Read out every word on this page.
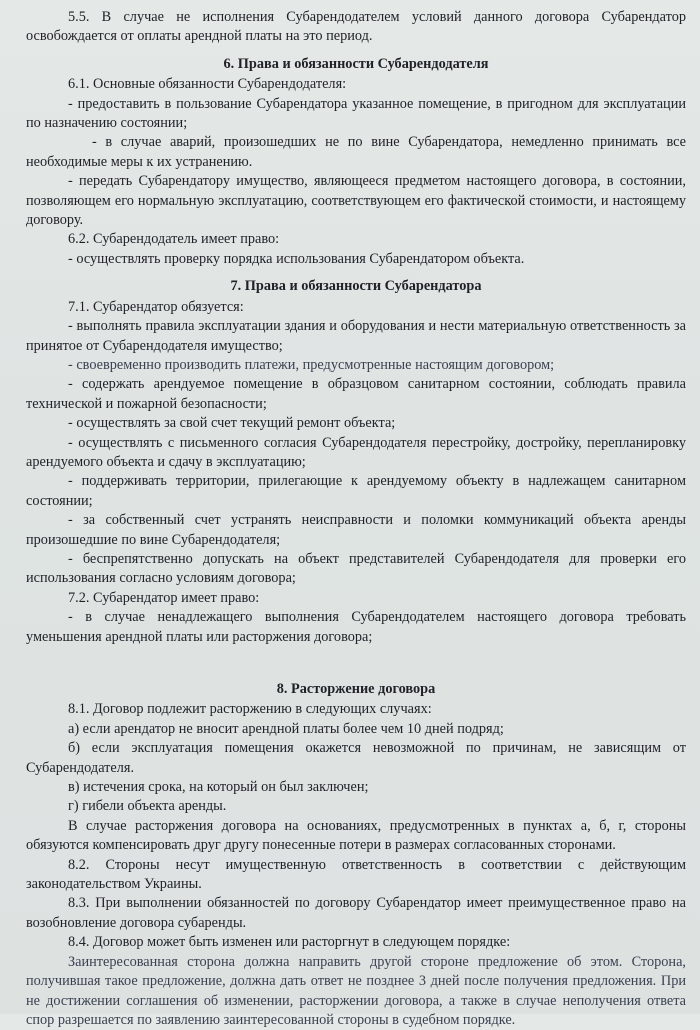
5.5. В случае не исполнения Субарендодателем условий данного договора Субарендатор освобождается от оплаты арендной платы на это период.

6. Права и обязанности Субарендодателя

6.1. Основные обязанности Субарендодателя:

- предоставить в пользование Субарендатора указанное помещение, в пригодном для эксплуатации по назначению состоянии;

- в случае аварий, произошедших не по вине Субарендатора, немедленно принимать все необходимые меры к их устранению.

- передать Субарендатору имущество, являющееся предметом настоящего договора, в состоянии, позволяющем его нормальную эксплуатацию, соответствующем его фактической стоимости, и настоящему договору.

6.2. Субарендодатель имеет право:

- осуществлять проверку порядка использования Субарендатором объекта.

7. Права и обязанности Субарендатора

7.1. Субарендатор обязуется:

- выполнять правила эксплуатации здания и оборудования и нести материальную ответственность за принятое от Субарендодателя имущество;

- своевременно производить платежи, предусмотренные настоящим договором;

- содержать арендуемое помещение в образцовом санитарном состоянии, соблюдать правила технической и пожарной безопасности;

- осуществлять за свой счет текущий ремонт объекта;

- осуществлять с письменного согласия Субарендодателя перестройку, достройку, перепланировку арендуемого объекта и сдачу в эксплуатацию;

- поддерживать территории, прилегающие к арендуемому объекту в надлежащем санитарном состоянии;

- за собственный счет устранять неисправности и поломки коммуникаций объекта аренды произошедшие по вине Субарендодателя;

- беспрепятственно допускать на объект представителей Субарендодателя для проверки его использования согласно условиям договора;

7.2. Субарендатор имеет право:

- в случае ненадлежащего выполнения Субарендодателем настоящего договора требовать уменьшения арендной платы или расторжения договора;

8. Расторжение договора

8.1. Договор подлежит расторжению в следующих случаях:

а) если арендатор не вносит арендной платы более чем 10 дней подряд;

б) если эксплуатация помещения окажется невозможной по причинам, не зависящим от Субарендодателя.

в) истечения срока, на который он был заключен;

г) гибели объекта аренды.

В случае расторжения договора на основаниях, предусмотренных в пунктах а, б, г, стороны обязуются компенсировать друг другу понесенные потери в размерах согласованных сторонами.

8.2. Стороны несут имущественную ответственность в соответствии с действующим законодательством Украины.

8.3. При выполнении обязанностей по договору Субарендатор имеет преимущественное право на возобновление договора субаренды.

8.4. Договор может быть изменен или расторгнут в следующем порядке:

Заинтересованная сторона должна направить другой стороне предложение об этом. Сторона, получившая такое предложение, должна дать ответ не позднее 3 дней после получения предложения. При не достижении соглашения об изменении, расторжении договора, а также в случае неполучения ответа спор разрешается по заявлению заинтересованной стороны в судебном порядке.
